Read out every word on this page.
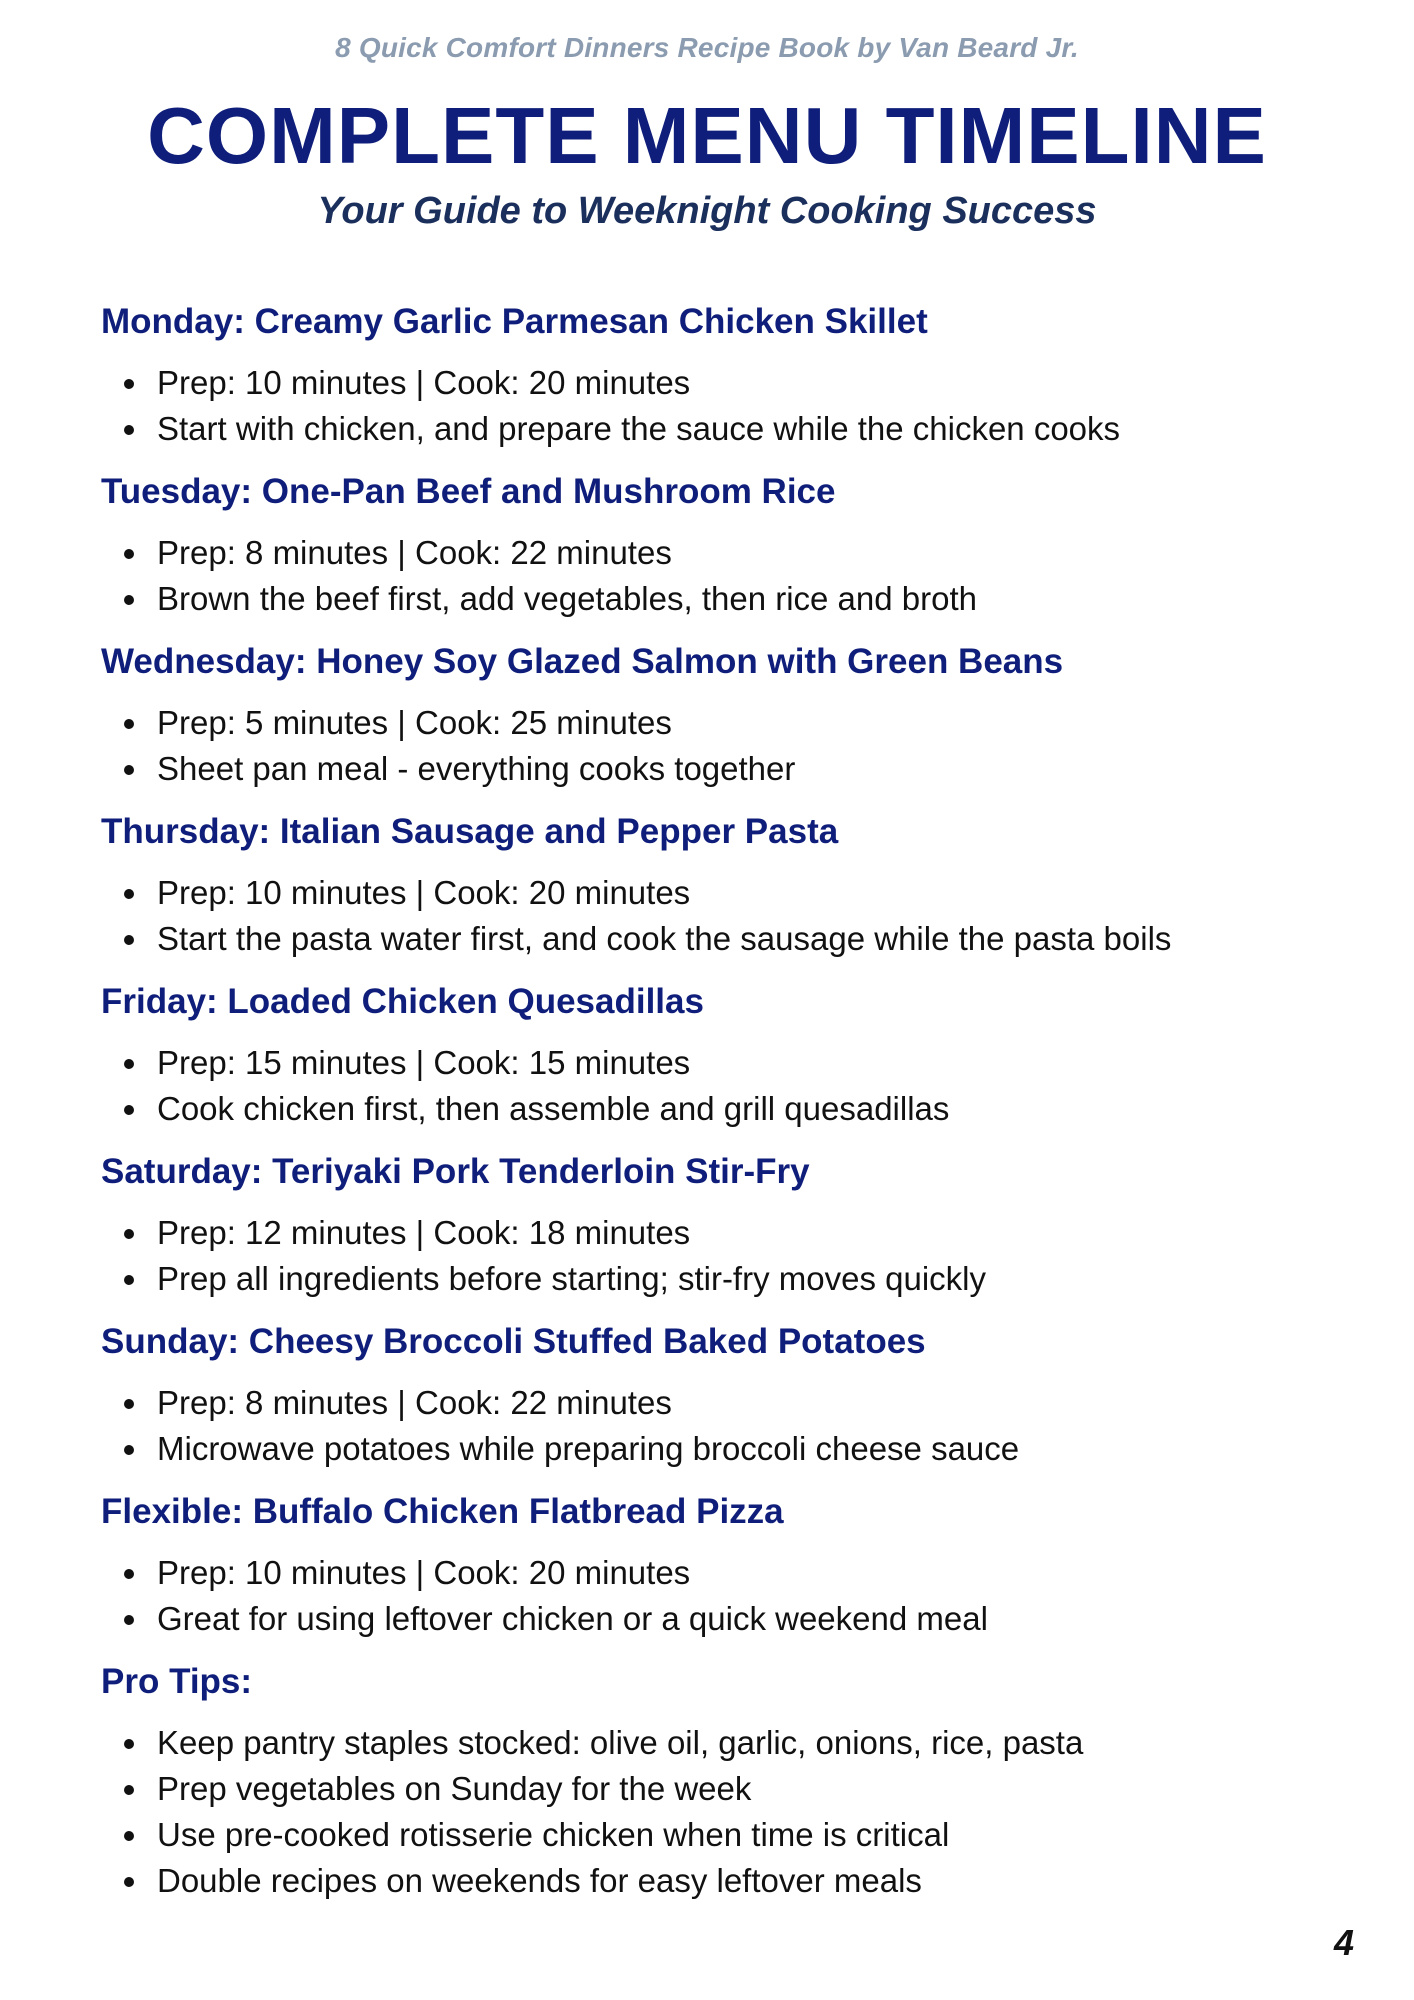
8 Quick Comfort Dinners Recipe Book by Van Beard Jr.
COMPLETE MENU TIMELINE
Your Guide to Weeknight Cooking Success
Monday: Creamy Garlic Parmesan Chicken Skillet
Prep: 10 minutes | Cook: 20 minutes
Start with chicken, and prepare the sauce while the chicken cooks
Tuesday: One-Pan Beef and Mushroom Rice
Prep: 8 minutes | Cook: 22 minutes
Brown the beef first, add vegetables, then rice and broth
Wednesday: Honey Soy Glazed Salmon with Green Beans
Prep: 5 minutes | Cook: 25 minutes
Sheet pan meal - everything cooks together
Thursday: Italian Sausage and Pepper Pasta
Prep: 10 minutes | Cook: 20 minutes
Start the pasta water first, and cook the sausage while the pasta boils
Friday: Loaded Chicken Quesadillas
Prep: 15 minutes | Cook: 15 minutes
Cook chicken first, then assemble and grill quesadillas
Saturday: Teriyaki Pork Tenderloin Stir-Fry
Prep: 12 minutes | Cook: 18 minutes
Prep all ingredients before starting; stir-fry moves quickly
Sunday: Cheesy Broccoli Stuffed Baked Potatoes
Prep: 8 minutes | Cook: 22 minutes
Microwave potatoes while preparing broccoli cheese sauce
Flexible: Buffalo Chicken Flatbread Pizza
Prep: 10 minutes | Cook: 20 minutes
Great for using leftover chicken or a quick weekend meal
Pro Tips:
Keep pantry staples stocked: olive oil, garlic, onions, rice, pasta
Prep vegetables on Sunday for the week
Use pre-cooked rotisserie chicken when time is critical
Double recipes on weekends for easy leftover meals
4
